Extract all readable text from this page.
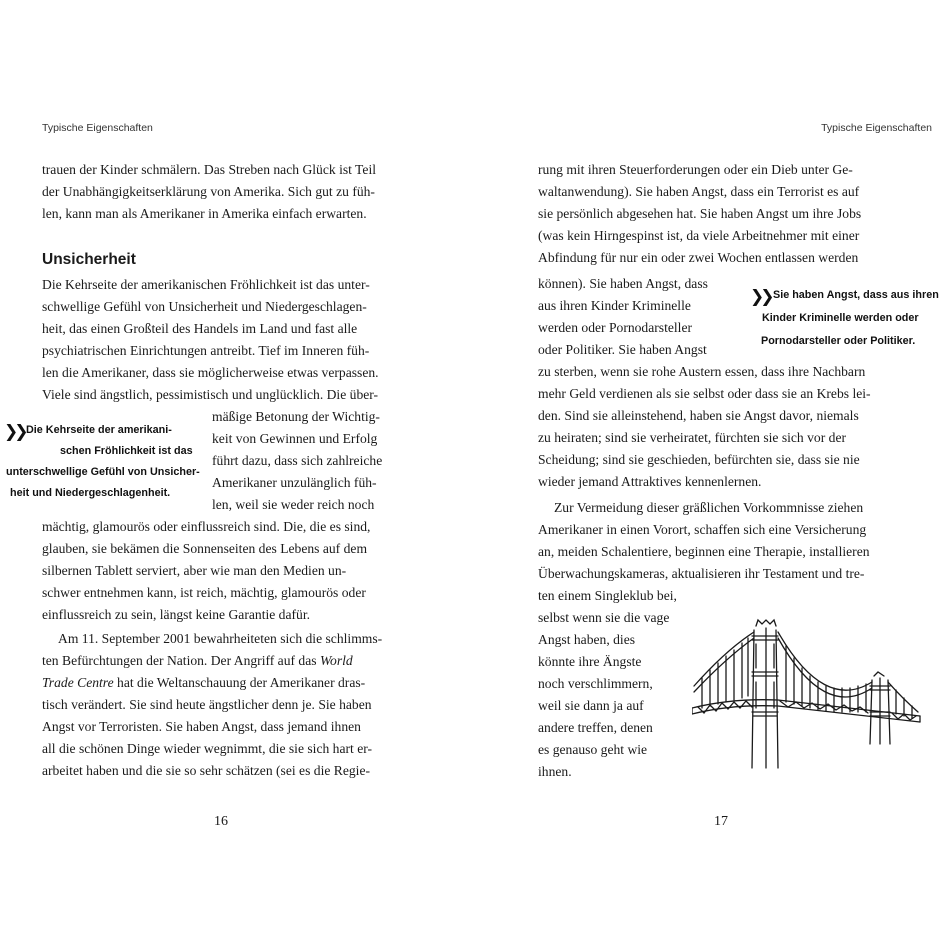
Typische Eigenschaften
trauen der Kinder schmälern. Das Streben nach Glück ist Teil
der Unabhängigkeitserklärung von Amerika. Sich gut zu füh-
len, kann man als Amerikaner in Amerika einfach erwarten.
Unsicherheit
Die Kehrseite der amerikanischen Fröhlichkeit ist das unter-
schwellige Gefühl von Unsicherheit und Niedergeschlagen-
heit, das einen Großteil des Handels im Land und fast alle
psychiatrischen Einrichtungen antreibt. Tief im Inneren füh-
len die Amerikaner, dass sie möglicherweise etwas verpassen.
Viele sind ängstlich, pessimistisch und unglücklich. Die über-
mäßige Betonung der Wichtig-
keit von Gewinnen und Erfolg
führt dazu, dass sich zahlreiche
Amerikaner unzulänglich füh-
len, weil sie weder reich noch
mächtig, glamourös oder einflussreich sind. Die, die es sind,
glauben, sie bekämen die Sonnenseiten des Lebens auf dem
silbernen Tablett serviert, aber wie man den Medien un-
schwer entnehmen kann, ist reich, mächtig, glamourös oder
einflussreich zu sein, längst keine Garantie dafür.
Am 11. September 2001 bewahrheiteten sich die schlimms-
ten Befürchtungen der Nation. Der Angriff auf das World
Trade Centre hat die Weltanschauung der Amerikaner dras-
tisch verändert. Sie sind heute ängstlicher denn je. Sie haben
Angst vor Terroristen. Sie haben Angst, dass jemand ihnen
all die schönen Dinge wieder wegnimmt, die sie sich hart er-
arbeitet haben und die sie so sehr schätzen (sei es die Regie-
❯❯ Die Kehrseite der amerikani-
schen Fröhlichkeit ist das
unterschwellige Gefühl von Unsicher-
heit und Niedergeschlagenheit.
16
Typische Eigenschaften
rung mit ihren Steuerforderungen oder ein Dieb unter Ge-
waltanwendung). Sie haben Angst, dass ein Terrorist es auf
sie persönlich abgesehen hat. Sie haben Angst um ihre Jobs
(was kein Hirngespinst ist, da viele Arbeitnehmer mit einer
Abfindung für nur ein oder zwei Wochen entlassen werden
können). Sie haben Angst, dass
aus ihren Kinder Kriminelle
werden oder Pornodarsteller
oder Politiker. Sie haben Angst
zu sterben, wenn sie rohe Austern essen, dass ihre Nachbarn
mehr Geld verdienen als sie selbst oder dass sie an Krebs lei-
den. Sind sie alleinstehend, haben sie Angst davor, niemals
zu heiraten; sind sie verheiratet, fürchten sie sich vor der
Scheidung; sind sie geschieden, befürchten sie, dass sie nie
wieder jemand Attraktives kennenlernen.
Zur Vermeidung dieser gräßlichen Vorkommnisse ziehen
Amerikaner in einen Vorort, schaffen sich eine Versicherung
an, meiden Schalentiere, beginnen eine Therapie, installieren
Überwachungskameras, aktualisieren ihr Testament und tre-
ten einem Singleklub bei,
selbst wenn sie die vage
Angst haben, dies
könnte ihre Ängste
noch verschlimmern,
weil sie dann ja auf
andere treffen, denen
es genauso geht wie
ihnen.
❯❯ Sie haben Angst, dass aus ihren
Kinder Kriminelle werden oder
Pornodarsteller oder Politiker.
17
